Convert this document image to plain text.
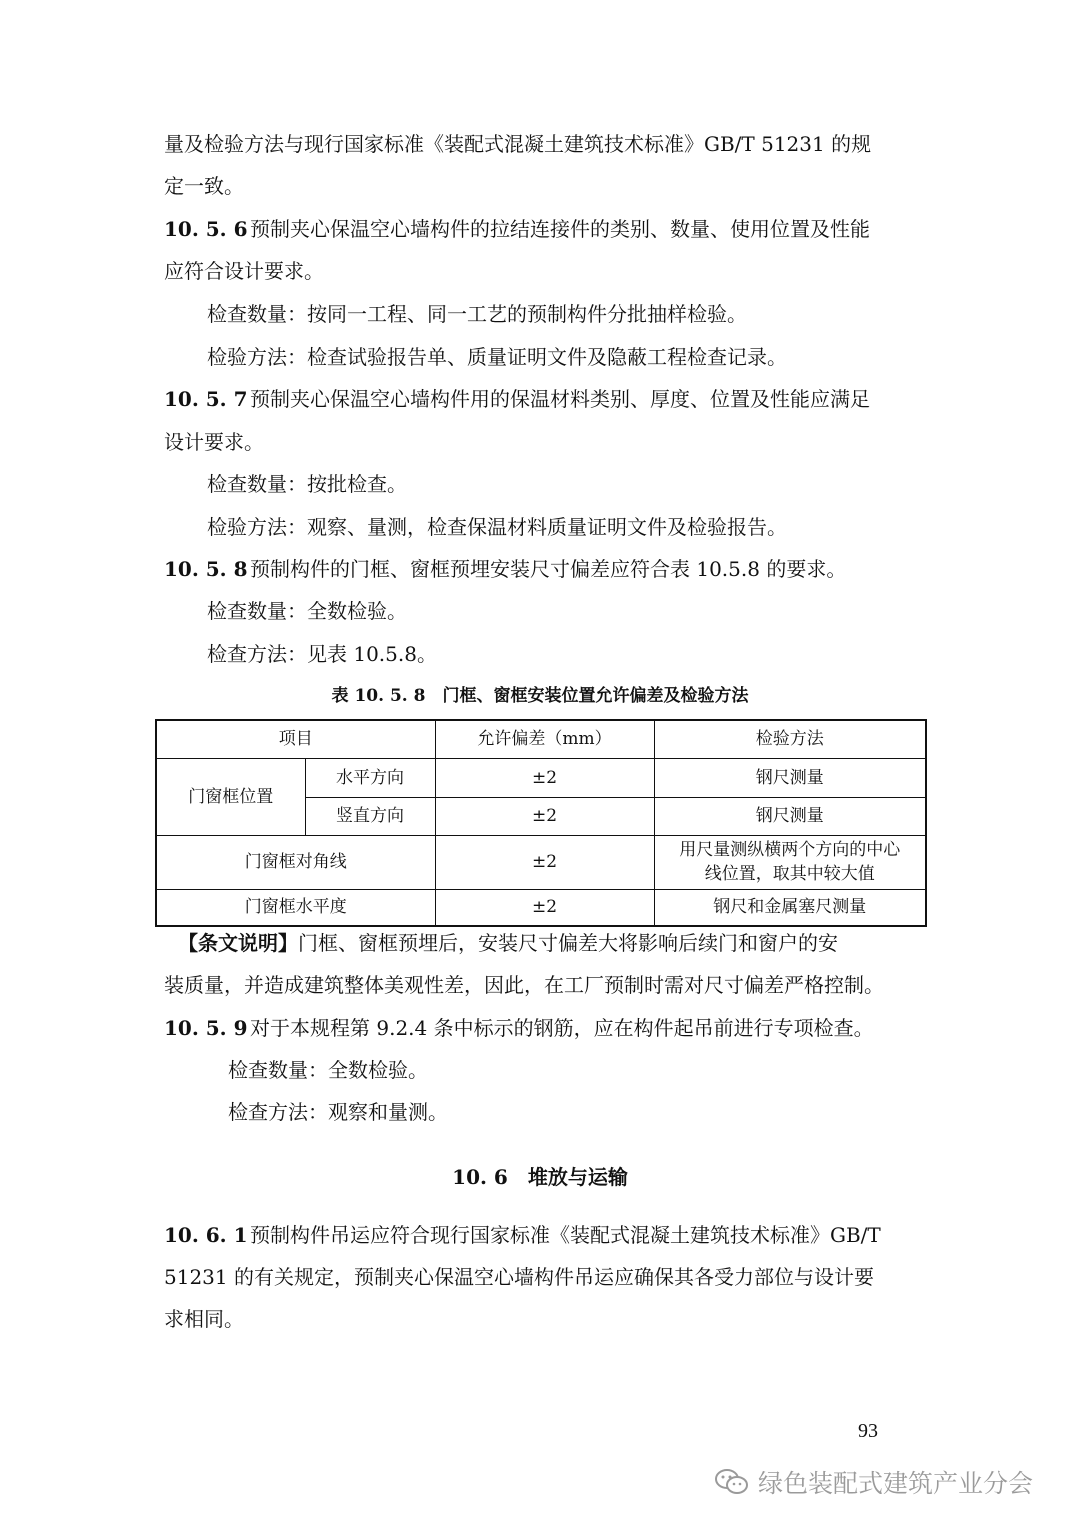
量及检验方法与现行国家标准《装配式混凝土建筑技术标准》GB/T 51231 的规
定一致。
10. 5. 6 预制夹心保温空心墙构件的拉结连接件的类别、数量、使用位置及性能
应符合设计要求。
检查数量：按同一工程、同一工艺的预制构件分批抽样检验。
检验方法：检查试验报告单、质量证明文件及隐蔽工程检查记录。
10. 5. 7 预制夹心保温空心墙构件用的保温材料类别、厚度、位置及性能应满足
设计要求。
检查数量：按批检查。
检验方法：观察、量测，检查保温材料质量证明文件及检验报告。
10. 5. 8 预制构件的门框、窗框预埋安装尺寸偏差应符合表 10.5.8 的要求。
检查数量：全数检验。
检查方法：见表 10.5.8。
表 10. 5. 8　门框、窗框安装位置允许偏差及检验方法
项目		允许偏差（mm）	检验方法
门窗框位置	水平方向	±2	钢尺测量
	竖直方向	±2	钢尺测量
门窗框对角线		±2	用尺量测纵横两个方向的中心
线位置，取其中较大值

门窗框水平度		±2	钢尺和金属塞尺测量
【条文说明】门框、窗框预埋后，安装尺寸偏差大将影响后续门和窗户的安
装质量，并造成建筑整体美观性差，因此，在工厂预制时需对尺寸偏差严格控制。
10. 5. 9 对于本规程第 9.2.4 条中标示的钢筋，应在构件起吊前进行专项检查。
检查数量：全数检验。
检查方法：观察和量测。
10. 6　堆放与运输
10. 6. 1 预制构件吊运应符合现行国家标准《装配式混凝土建筑技术标准》GB/T
51231 的有关规定，预制夹心保温空心墙构件吊运应确保其各受力部位与设计要
求相同。
93
绿色装配式建筑产业分会
